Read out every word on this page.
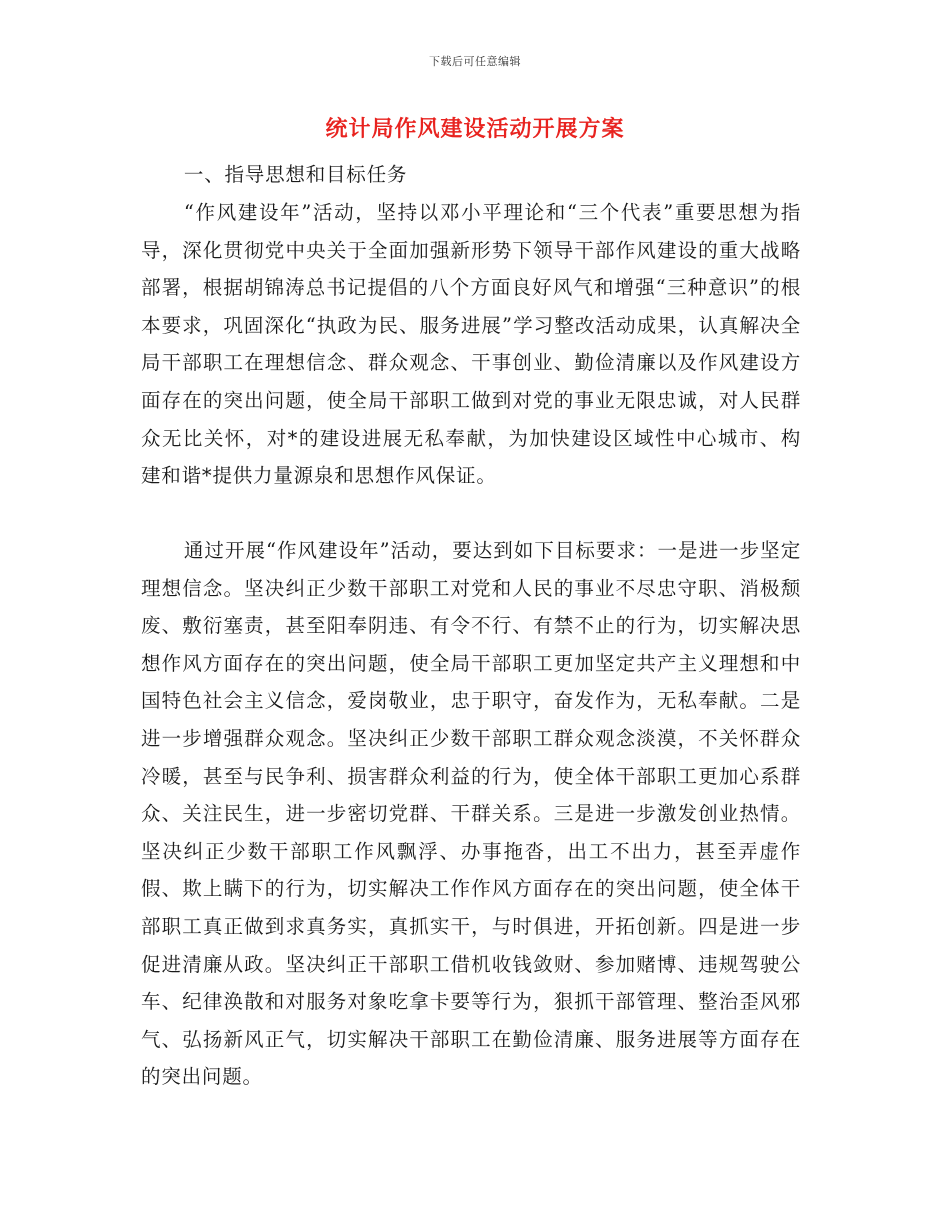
下载后可任意编辑
统计局作风建设活动开展方案

一、指导思想和目标任务

“作风建设年”活动，坚持以邓小平理论和“三个代表”重要思想为指导，深化贯彻党中央关于全面加强新形势下领导干部作风建设的重大战略部署，根据胡锦涛总书记提倡的八个方面良好风气和增强“三种意识”的根本要求，巩固深化“执政为民、服务进展”学习整改活动成果，认真解决全局干部职工在理想信念、群众观念、干事创业、勤俭清廉以及作风建设方面存在的突出问题，使全局干部职工做到对党的事业无限忠诚，对人民群众无比关怀，对*的建设进展无私奉献，为加快建设区域性中心城市、构建和谐*提供力量源泉和思想作风保证。

通过开展“作风建设年”活动，要达到如下目标要求：一是进一步坚定理想信念。坚决纠正少数干部职工对党和人民的事业不尽忠守职、消极颓废、敷衍塞责，甚至阳奉阴违、有令不行、有禁不止的行为，切实解决思想作风方面存在的突出问题，使全局干部职工更加坚定共产主义理想和中国特色社会主义信念，爱岗敬业，忠于职守，奋发作为，无私奉献。二是进一步增强群众观念。坚决纠正少数干部职工群众观念淡漠，不关怀群众冷暖，甚至与民争利、损害群众利益的行为，使全体干部职工更加心系群众、关注民生，进一步密切党群、干群关系。三是进一步激发创业热情。坚决纠正少数干部职工作风飘浮、办事拖沓，出工不出力，甚至弄虚作假、欺上瞒下的行为，切实解决工作作风方面存在的突出问题，使全体干部职工真正做到求真务实，真抓实干，与时俱进，开拓创新。四是进一步促进清廉从政。坚决纠正干部职工借机收钱敛财、参加赌博、违规驾驶公车、纪律涣散和对服务对象吃拿卡要等行为，狠抓干部管理、整治歪风邪气、弘扬新风正气，切实解决干部职工在勤俭清廉、服务进展等方面存在的突出问题。
